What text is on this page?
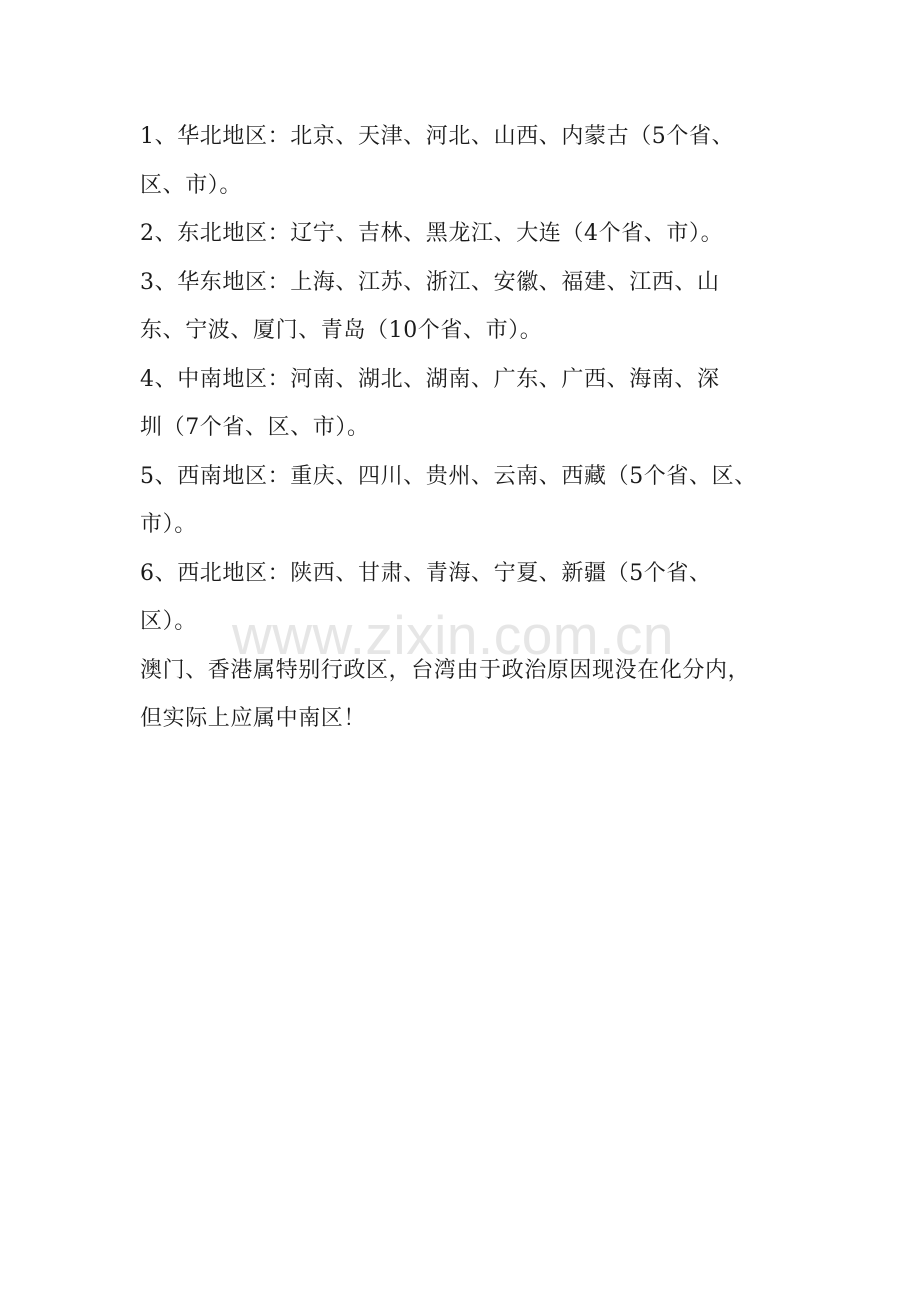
www.zixin.com.cn
1、华北地区：北京、天津、河北、山西、内蒙古（5个省、
区、市）。
2、东北地区：辽宁、吉林、黑龙江、大连（4个省、市）。
3、华东地区：上海、江苏、浙江、安徽、福建、江西、山
东、宁波、厦门、青岛（10个省、市）。
4、中南地区：河南、湖北、湖南、广东、广西、海南、深
圳（7个省、区、市）。
5、西南地区：重庆、四川、贵州、云南、西藏（5个省、区、
市）。
6、西北地区：陕西、甘肃、青海、宁夏、新疆（5个省、
区）。
澳门、香港属特别行政区，台湾由于政治原因现没在化分内，
但实际上应属中南区！
